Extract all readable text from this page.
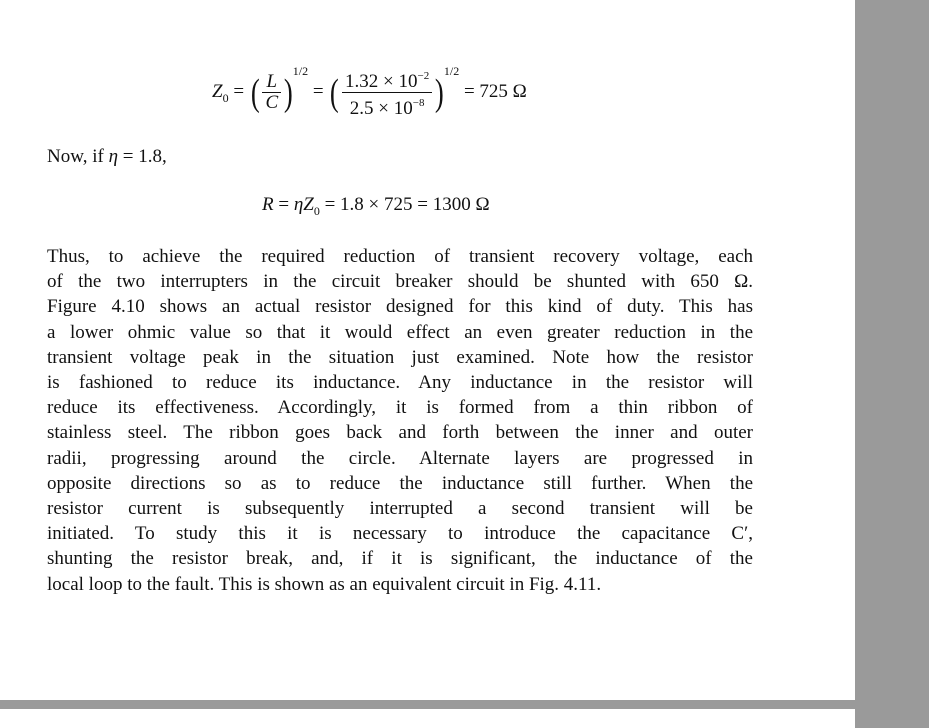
$Z_0$ = ( $\frac{L}{C} )^{1/2}$ = ( $\frac{1.32 \times 10^{-2}}{2.5 \times 10^{-8}} )^{1/2} = 725$ Ω
Now, if η = 1.8,
$R = \eta Z_0 = 1.8 \times 725 = 1300$ Ω
Thus, to achieve the required reduction of transient recovery voltage, each
of the two interrupters in the circuit breaker should be shunted with 650 Ω.
Figure 4.10 shows an actual resistor designed for this kind of duty. This has
a lower ohmic value so that it would effect an even greater reduction in the
transient voltage peak in the situation just examined. Note how the resistor
is fashioned to reduce its inductance. Any inductance in the resistor will
reduce its effectiveness. Accordingly, it is formed from a thin ribbon of
stainless steel. The ribbon goes back and forth between the inner and outer
radii, progressing around the circle. Alternate layers are progressed in
opposite directions so as to reduce the inductance still further. When the
resistor current is subsequently interrupted a second transient will be
initiated. To study this it is necessary to introduce the capacitance C′,
shunting the resistor break, and, if it is significant, the inductance of the
local loop to the fault. This is shown as an equivalent circuit in Fig. 4.11.
